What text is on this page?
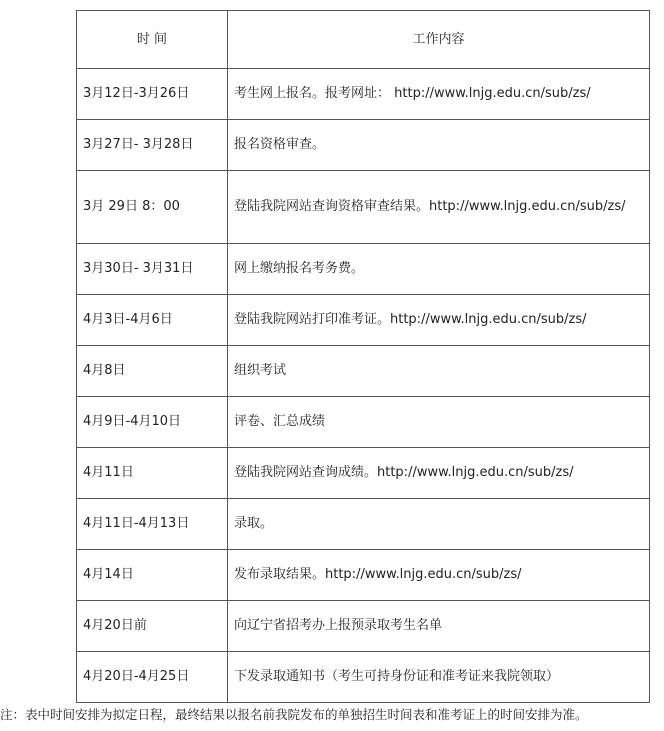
时 间	工作内容
3月12日-3月26日	考生网上报名。报考网址： http://www.lnjg.edu.cn/sub/zs/
3月27日- 3月28日	报名资格审查。
3月 29日 8：00	登陆我院网站查询资格审查结果。http://www.lnjg.edu.cn/sub/zs/
3月30日- 3月31日	网上缴纳报名考务费。
4月3日-4月6日	登陆我院网站打印准考证。http://www.lnjg.edu.cn/sub/zs/
4月8日	组织考试
4月9日-4月10日	评卷、汇总成绩
4月11日	登陆我院网站查询成绩。http://www.lnjg.edu.cn/sub/zs/
4月11日-4月13日	录取。
4月14日	发布录取结果。http://www.lnjg.edu.cn/sub/zs/
4月20日前	向辽宁省招考办上报预录取考生名单
4月20日-4月25日	下发录取通知书（考生可持身份证和准考证来我院领取）
注：表中时间安排为拟定日程，最终结果以报名前我院发布的单独招生时间表和准考证上的时间安排为准。
